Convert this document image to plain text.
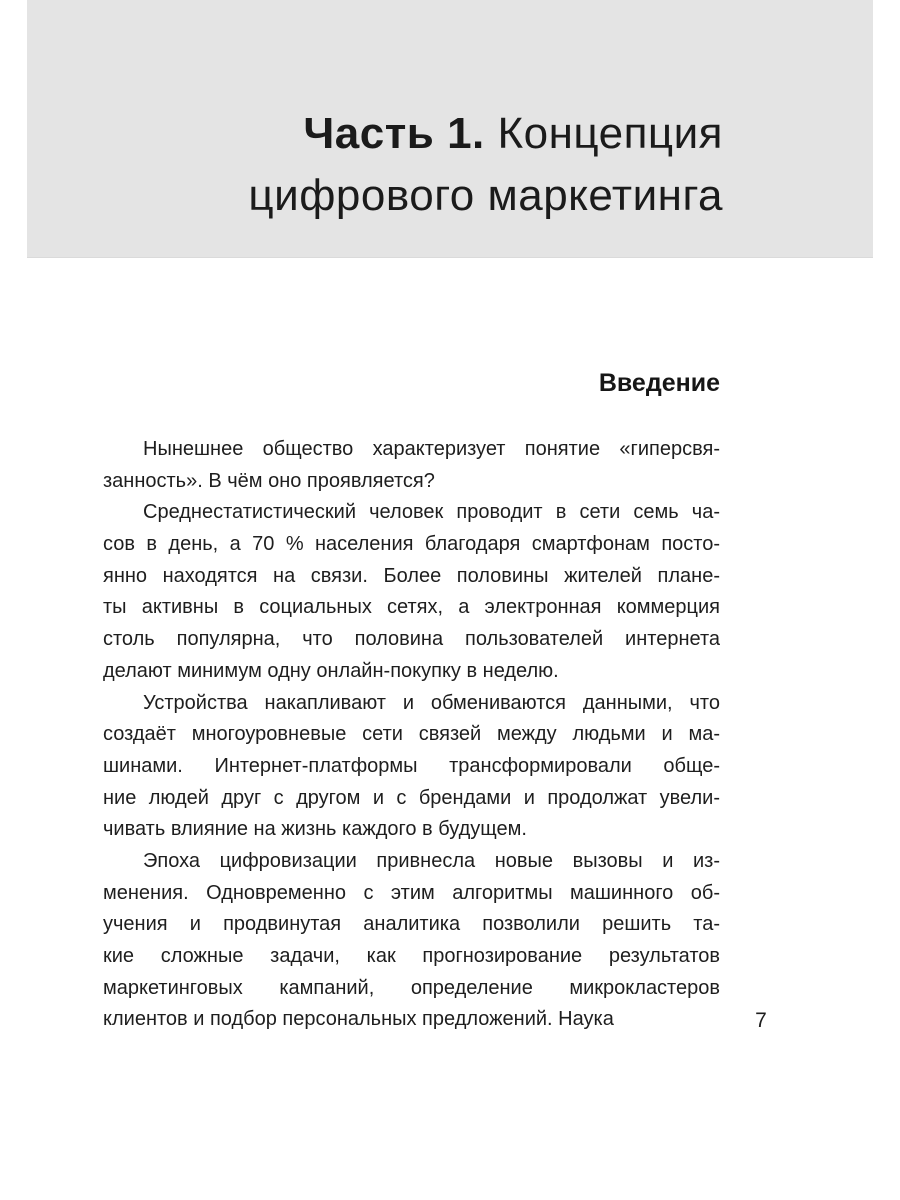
Часть 1. Концепция
цифрового маркетинга
Введение
Нынешнее общество характеризует понятие «гиперсвя-
занность». В чём оно проявляется?
Среднестатистический человек проводит в сети семь ча-
сов в день, а 70 % населения благодаря смартфонам посто-
янно находятся на связи. Более половины жителей плане-
ты активны в социальных сетях, а электронная коммерция
столь популярна, что половина пользователей интернета
делают минимум одну онлайн-покупку в неделю.
Устройства накапливают и обмениваются данными, что
создаёт многоуровневые сети связей между людьми и ма-
шинами. Интернет-платформы трансформировали обще-
ние людей друг с другом и с брендами и продолжат увели-
чивать влияние на жизнь каждого в будущем.
Эпоха цифровизации привнесла новые вызовы и из-
менения. Одновременно с этим алгоритмы машинного об-
учения и продвинутая аналитика позволили решить та-
кие сложные задачи, как прогнозирование результатов
маркетинговых кампаний, определение микрокластеров
клиентов и подбор персональных предложений. Наука	7
